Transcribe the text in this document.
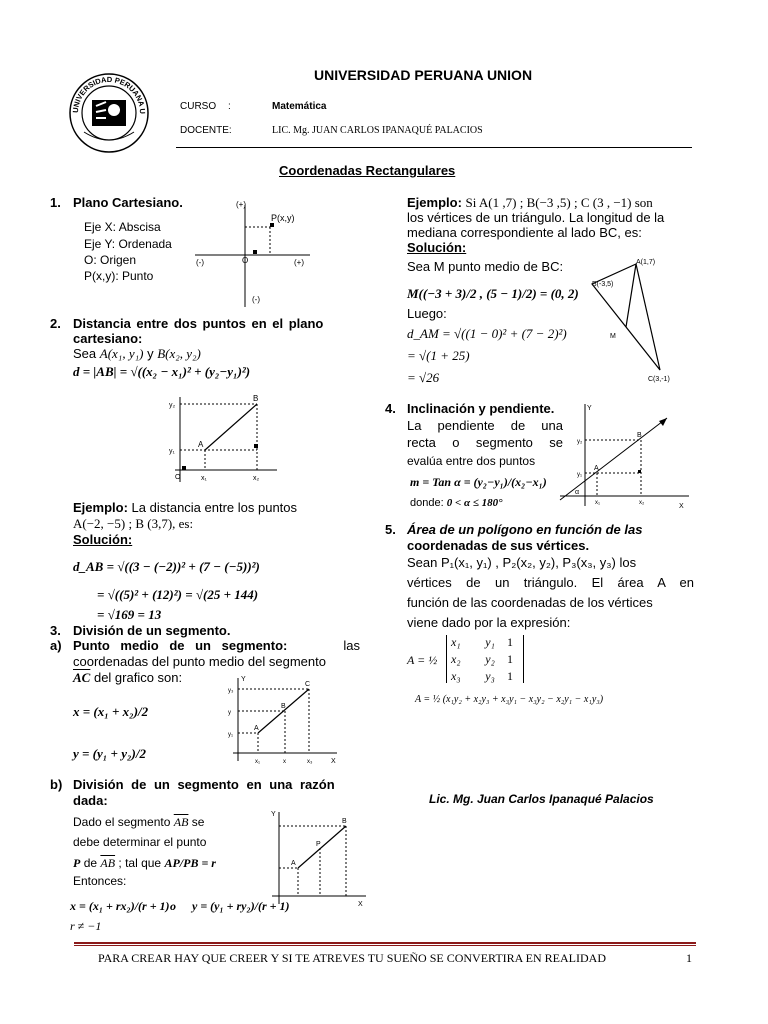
UNIVERSIDAD PERUANA U
UNIVERSIDAD PERUANA UNION
CURSO :	Matemática
DOCENTE:	LIC. Mg. JUAN CARLOS IPANAQUÉ PALACIOS
Coordenadas Rectangulares
1. Plano Cartesiano.
Eje X: Abscisa
Eje Y: Ordenada
O: Origen
P(x,y): Punto
(+)
P(x,y)
(-)	O	(+)
(-)
2. Distancia entre dos puntos en el plano
cartesiano:
Sea A(x₁, y₁) y B(x₂, y₂)
d = |AB| = √((x₂ − x₁)² + (y₂−y₁)²)
y₂
y₁
x₁	x₂
A
B
O
Ejemplo: La distancia entre los puntos
A(−2, −5) ; B (3,7), es:
Solución:
d_AB = √((3 − (−2))² + (7 − (−5))²)
= √((5)² + (12)²) = √(25 + 144)
= √169 = 13
3. División de un segmento.
a) Punto medio de un segmento:	las
coordenadas del punto medio del segmento
$\overline{AC}$ del grafico son:
x = (x₁ + x₂)/2
y = (y₁ + y₂)/2
Y
y₃
y
y₁
x₁	x	x₃	X
A
B
C
b) División de un segmento en una razón
dada:
Dado el segmento $\overline{AB}$ se
debe determinar el punto
P de $\overline{AB}$ ; tal que AP/PB = r
Entonces:
x = (x₁ + rx₂)/(r + 1) o y = (y₁ + ry₂)/(r + 1)
r ≠ −1
Y
X
A
P
B
Ejemplo: Si A(1 ,7) ; B(−3 ,5) ; C (3 , −1) son
los vértices de un triángulo. La longitud de la
mediana correspondiente al lado BC, es:
Solución:
Sea M punto medio de BC:
M((−3 + 3)/2 , (5 − 1)/2) = (0, 2)
Luego:
d_AM = √((1 − 0)² + (7 − 2)²)
= √(1 + 25)
= √26
A(1,7)
B(-3,5)
M
C(3,-1)
4. Inclinación y pendiente.
La pendiente de una
recta o segmento se
evalúa entre dos puntos
m = Tan α = (y₂−y₁)/(x₂−x₁)
donde: 0 < α ≤ 180°
Y
X
A
B
y₂
y₁
x₁	x₂
α
5. Área de un polígono en función de las
coordenadas de sus vértices.
Sean P₁(x₁, y₁) , P₂(x₂, y₂), P₃(x₃, y₃) los
vértices de un triángulo. El área A en
función de las coordenadas de los vértices
viene dado por la expresión:
A = ½
x₁	y₁	1
x₂	y₂	1
x₃	y₃	1
A = ½ (x₁y₂ + x₂y₃ + x₃y₁ − x₃y₂ − x₂y₁ − x₁y₃)
Lic. Mg. Juan Carlos Ipanaqué Palacios
PARA CREAR HAY QUE CREER Y SI TE ATREVES TU SUEÑO SE CONVERTIRA EN REALIDAD	1
